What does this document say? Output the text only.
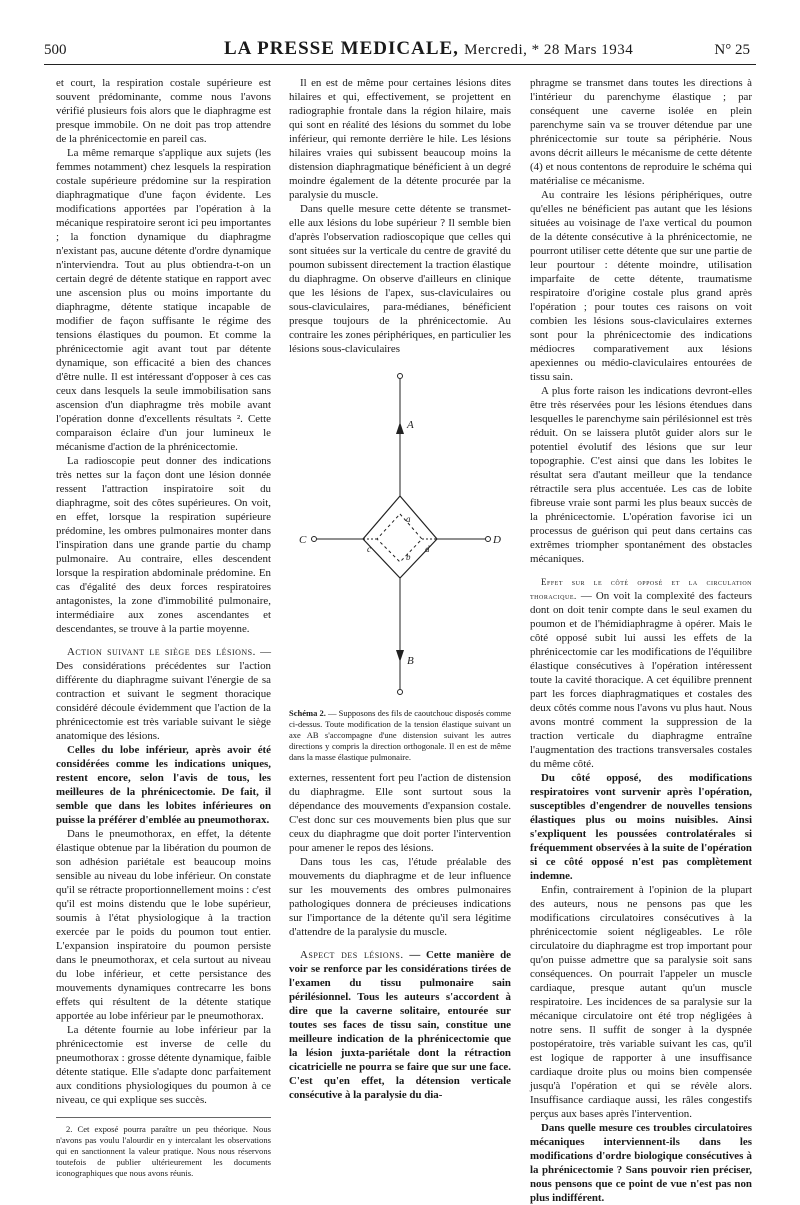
500	LA PRESSE MEDICALE, Mercredi, * 28 Mars 1934	N° 25

et court, la respiration costale supérieure est souvent prédominante, comme nous l'avons vérifié plusieurs fois alors que le diaphragme est presque immobile. On ne doit pas trop attendre de la phrénicectomie en pareil cas.

La même remarque s'applique aux sujets (les femmes notamment) chez lesquels la respiration costale supérieure prédomine sur la respiration diaphragmatique d'une façon évidente. Les modifications apportées par l'opération à la mécanique respiratoire seront ici peu importantes ; la fonction dynamique du diaphragme n'existant pas, aucune détente d'ordre dynamique n'interviendra. Tout au plus obtiendra-t-on un certain degré de détente statique en rapport avec une ascension plus ou moins importante du diaphragme, détente statique incapable de modifier de façon suffisante le régime des tensions élastiques du poumon. Et comme la phrénicectomie agit avant tout par détente dynamique, son efficacité a bien des chances d'être nulle. Il est intéressant d'opposer à ces cas ceux dans lesquels la seule immobilisation sans ascension d'un diaphragme très mobile avant l'opération donne d'excellents résultats ². Cette comparaison éclaire d'un jour lumineux le mécanisme d'action de la phrénicectomie.

La radioscopie peut donner des indications très nettes sur la façon dont une lésion donnée ressent l'attraction inspiratoire soit du diaphragme, soit des côtes supérieures. On voit, en effet, lorsque la respiration supérieure prédomine, les ombres pulmonaires monter dans l'inspiration dans une grande partie du champ pulmonaire. Au contraire, elles descendent lorsque la respiration abdominale prédomine. En cas d'égalité des deux forces respiratoires antagonistes, la zone d'immobilité pulmonaire, intermédiaire aux zones ascendantes et descendantes, se trouve à la partie moyenne.

Action suivant le siège des lésions. — Des considérations précédentes sur l'action différente du diaphragme suivant l'énergie de sa contraction et suivant le segment thoracique considéré découle évidemment que l'action de la phrénicectomie est très variable suivant le siège anatomique des lésions.

Celles du lobe inférieur, après avoir été considérées comme les indications uniques, restent encore, selon l'avis de tous, les meilleures de la phrénicectomie. De fait, il semble que dans les lobites inférieures on puisse la préférer d'emblée au pneumothorax.

Dans le pneumothorax, en effet, la détente élastique obtenue par la libération du poumon de son adhésion pariétale est beaucoup moins sensible au niveau du lobe inférieur. On constate qu'il se rétracte proportionnellement moins : c'est qu'il est moins distendu que le lobe supérieur, soumis à l'état physiologique à la traction exercée par le poids du poumon tout entier. L'expansion inspiratoire du poumon persiste dans le pneumothorax, et cela surtout au niveau du lobe inférieur, et cette persistance des mouvements dynamiques contrecarre les bons effets qui résultent de la détente statique apportée au lobe inférieur par le pneumothorax.

La détente fournie au lobe inférieur par la phrénicectomie est inverse de celle du pneumothorax : grosse détente dynamique, faible détente statique. Elle s'adapte donc parfaitement aux conditions physiologiques du poumon à ce niveau, ce qui explique ses succès.

2. Cet exposé pourra paraître un peu théorique. Nous n'avons pas voulu l'alourdir en y intercalant les observations qui en sanctionnent la valeur pratique. Nous nous réservons toutefois de publier ultérieurement les documents iconographiques que nous avons réunis.

Il en est de même pour certaines lésions dites hilaires et qui, effectivement, se projettent en radiographie frontale dans la région hilaire, mais qui sont en réalité des lésions du sommet du lobe inférieur, qui remonte derrière le hile. Les lésions hilaires vraies qui subissent beaucoup moins la distension diaphragmatique bénéficient à un degré moindre également de la détente procurée par la paralysie du muscle.

Dans quelle mesure cette détente se transmet-elle aux lésions du lobe supérieur ? Il semble bien d'après l'observation radioscopique que celles qui sont situées sur la verticale du centre de gravité du poumon subissent directement la traction élastique du diaphragme. On observe d'ailleurs en clinique que les lésions de l'apex, sus-claviculaires ou sous-claviculaires, para-médianes, bénéficient presque toujours de la phrénicectomie. Au contraire les zones périphériques, en particulier les lésions sous-claviculaires

A
B
C	D
a
b
c	d
Schéma 2. — Supposons des fils de caoutchouc disposés comme ci-dessus. Toute modification de la tension élastique suivant un axe AB s'accompagne d'une distension suivant les autres directions y compris la direction orthogonale. Il en est de même dans la masse élastique pulmonaire.

externes, ressentent fort peu l'action de distension du diaphragme. Elle sont surtout sous la dépendance des mouvements d'expansion costale. C'est donc sur ces mouvements bien plus que sur ceux du diaphragme que doit porter l'intervention pour amener le repos des lésions.

Dans tous les cas, l'étude préalable des mouvements du diaphragme et de leur influence sur les mouvements des ombres pulmonaires pathologiques donnera de précieuses indications sur l'importance de la détente qu'il sera légitime d'attendre de la paralysie du muscle.

Aspect des lésions. — Cette manière de voir se renforce par les considérations tirées de l'examen du tissu pulmonaire sain périlésionnel. Tous les auteurs s'accordent à dire que la caverne solitaire, entourée sur toutes ses faces de tissu sain, constitue une meilleure indication de la phrénicectomie que la lésion juxta-pariétale dont la rétraction cicatricielle ne pourra se faire que sur une face. C'est qu'en effet, la détension verticale consécutive à la paralysie du dia-

phragme se transmet dans toutes les directions à l'intérieur du parenchyme élastique ; par conséquent une caverne isolée en plein parenchyme sain va se trouver détendue par une phrénicectomie sur toute sa périphérie. Nous avons décrit ailleurs le mécanisme de cette détente (4) et nous contentons de reproduire le schéma qui matérialise ce mécanisme.

Au contraire les lésions périphériques, outre qu'elles ne bénéficient pas autant que les lésions situées au voisinage de l'axe vertical du poumon de la détente consécutive à la phrénicectomie, ne pourront utiliser cette détente que sur une partie de leur pourtour : détente moindre, utilisation imparfaite de cette détente, traumatisme respiratoire d'origine costale plus grand après l'opération ; pour toutes ces raisons on voit combien les lésions sous-claviculaires externes sont pour la phrénicectomie des indications médiocres comparativement aux lésions apexiennes ou médio-claviculaires entourées de tissu sain.

A plus forte raison les indications devront-elles être très réservées pour les lésions étendues dans lesquelles le parenchyme sain périlésionnel est très réduit. On se laissera plutôt guider alors sur le potentiel évolutif des lésions que sur leur topographie. C'est ainsi que dans les lobites le résultat sera d'autant meilleur que la tendance rétractile sera plus accentuée. Les cas de lobite fibreuse vraie sont parmi les plus beaux succès de la phrénicectomie. L'opération favorise ici un processus de guérison qui peut dans certains cas extrêmes triompher spontanément des obstacles mécaniques.

Effet sur le côté opposé et la circulation thoracique. — On voit la complexité des facteurs dont on doit tenir compte dans le seul examen du poumon et de l'hémidiaphragme à opérer. Mais le côté opposé subit lui aussi les effets de la phrénicectomie car les modifications de l'équilibre élastique consécutives à l'opération intéressent toute la cavité thoracique. A cet équilibre prennent part les forces diaphragmatiques et costales des deux côtés comme nous l'avons vu plus haut. Nous avons montré comment la suppression de la traction verticale du diaphragme entraîne l'augmentation des tractions transversales costales du même côté.

Du côté opposé, des modifications respiratoires vont survenir après l'opération, susceptibles d'engendrer de nouvelles tensions élastiques plus ou moins nuisibles. Ainsi s'expliquent les poussées controlatérales si fréquemment observées à la suite de l'opération si ce côté opposé n'est pas complètement indemne.

Enfin, contrairement à l'opinion de la plupart des auteurs, nous ne pensons pas que les modifications circulatoires consécutives à la phrénicectomie soient négligeables. Le rôle circulatoire du diaphragme est trop important pour qu'on puisse admettre que sa paralysie soit sans conséquences. On pourrait l'appeler un muscle cardiaque, presque autant qu'un muscle respiratoire. Les incidences de sa paralysie sur la mécanique circulatoire ont été trop négligées à notre sens. Il suffit de songer à la dyspnée postopératoire, très variable suivant les cas, qu'il est logique de rapporter à une insuffisance cardiaque droite plus ou moins bien compensée jusqu'à l'opération et qui se révèle alors. Insuffisance cardiaque aussi, les râles congestifs perçus aux bases après l'intervention.

Dans quelle mesure ces troubles circulatoires mécaniques interviennent-ils dans les modifications d'ordre biologique consécutives à la phrénicectomie ? Sans pouvoir rien préciser, nous pensons que ce point de vue n'est pas non plus indifférent.
